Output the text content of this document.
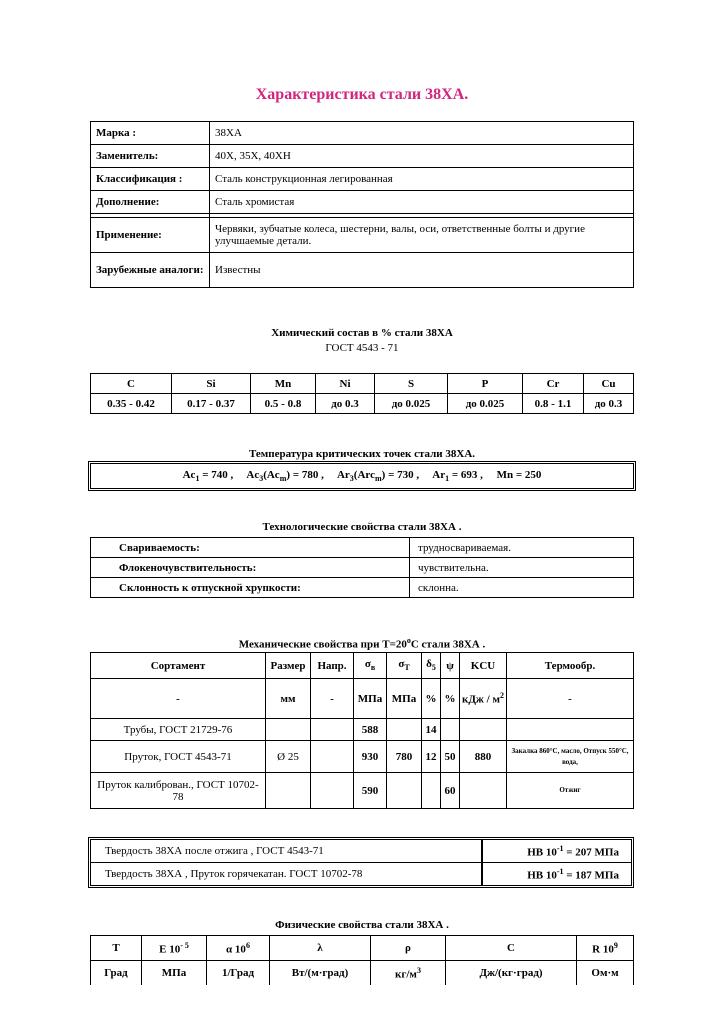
Характеристика стали 38ХА.
Марка :	38ХА
Заменитель:	40Х, 35Х, 40ХН
Классификация :	Сталь конструкционная легированная
Дополнение:	Сталь хромистая

Применение:	Червяки, зубчатые колеса, шестерни, валы, оси, ответственные болты и другие улучшаемые детали.
Зарубежные аналоги:	Известны
Химический состав в % стали 38ХА
ГОСТ 4543 - 71
C	Si	Mn	Ni	S	P	Cr	Cu
0.35 - 0.42	0.17 - 0.37	0.5 - 0.8	до 0.3	до 0.025	до 0.025	0.8 - 1.1	до 0.3
Температура критических точек стали 38ХА.
$Ac_1 = 740$ ,     $Ac_3(Ac_m) = 780$ ,     $Ar_3(Arc_m) = 730$ ,     $Ar_1 = 693$ ,     Mn = 250
Технологические свойства стали 38ХА .
Свариваемость:	трудносвариваемая.
Флокеночувствительность:	чувствительна.
Склонность к отпускной хрупкости:	склонна.
Механические свойства при $Т=20^oС$ стали 38ХА .
Сортамент	Размер	Напр.	$\sigma_в$	$\sigma_T$	$\delta_5$	ψ	KCU	Термообр.
-	мм	-	МПа	МПа	%	%	кДж / $м^2$	-
Трубы, ГОСТ 21729-76			588		14			
Пруток, ГОСТ 4543-71	Ø 25		930	780	12	50	880	Закалка 860°C, масло, Отпуск 550°C, вода,
Пруток калиброван., ГОСТ 10702-78			590			60		Отжиг
Твердость 38ХА после отжига , ГОСТ 4543-71	HB $10^{-1} = 207$ МПа
Твердость 38ХА , Пруток горячекатан. ГОСТ 10702-78	HB $10^{-1} = 187$ МПа
Физические свойства стали 38ХА .
T	E $10^{- 5}$	α $10^6$	λ	ρ	C	R $10^9$
Град	МПа	1/Град	Вт/(м·град)	$кг/м^3$	Дж/(кг·град)	Ом·м
